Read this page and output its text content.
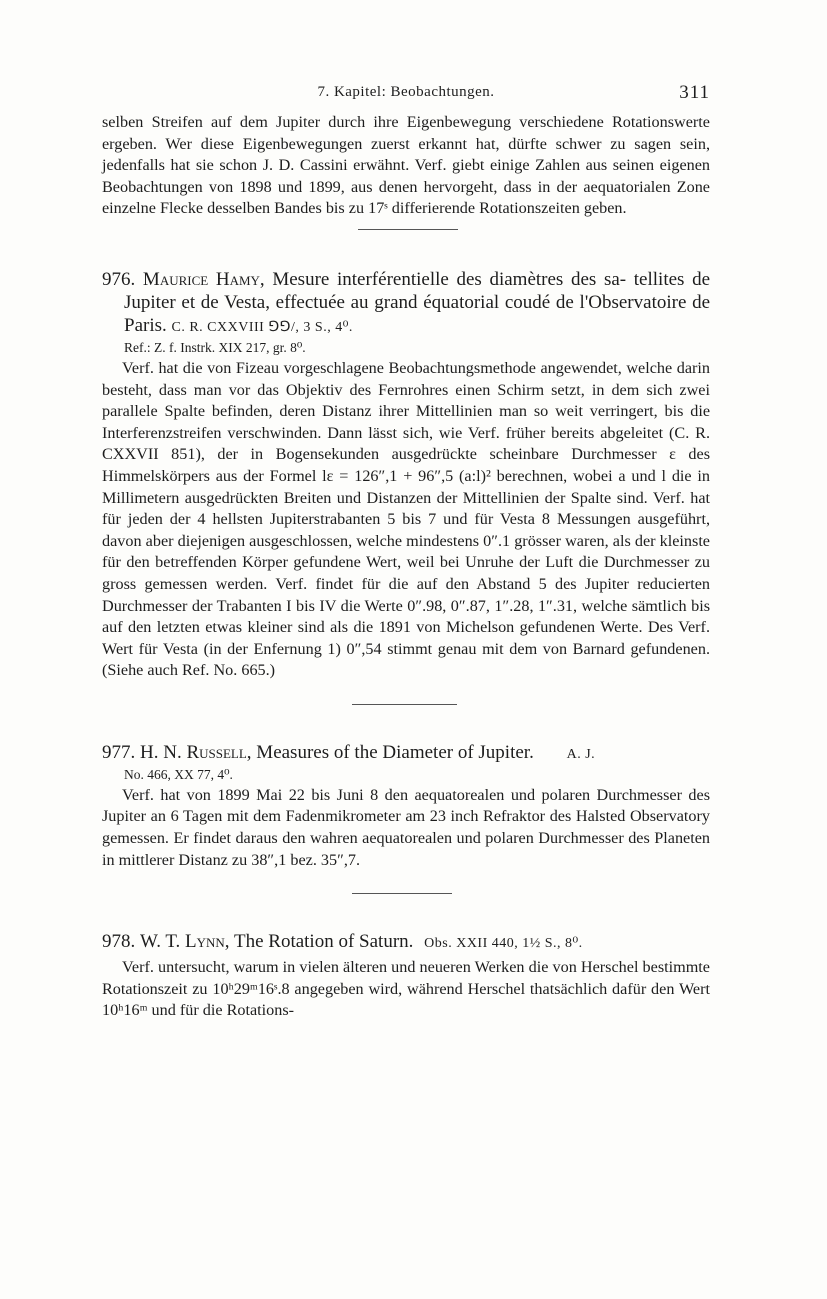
7. Kapitel: Beobachtungen.	311

selben Streifen auf dem Jupiter durch ihre Eigenbewegung verschiedene Rotationswerte ergeben. Wer diese Eigenbewegungen zuerst erkannt hat, dürfte schwer zu sagen sein, jedenfalls hat sie schon J. D. Cassini erwähnt. Verf. giebt einige Zahlen aus seinen eigenen Beobachtungen von 1898 und 1899, aus denen hervorgeht, dass in der aequatorialen Zone einzelne Flecke desselben Bandes bis zu 17ˢ differierende Rotationszeiten geben.

976. Maurice Hamy, Mesure interférentielle des diamètres des sa- tellites de Jupiter et de Vesta, effectuée au grand équatorial coudé de l'Observatoire de Paris. C. R. CXXVIII ⅁⅁/, 3 S., 4⁰.

Ref.: Z. f. Instrk. XIX 217, gr. 8⁰.

Verf. hat die von Fizeau vorgeschlagene Beobachtungsmethode angewendet, welche darin besteht, dass man vor das Objektiv des Fernrohres einen Schirm setzt, in dem sich zwei parallele Spalte befinden, deren Distanz ihrer Mittellinien man so weit verringert, bis die Interferenzstreifen verschwinden. Dann lässt sich, wie Verf. früher bereits abgeleitet (C. R. CXXVII 851), der in Bogensekunden ausgedrückte scheinbare Durchmesser ε des Himmelskörpers aus der Formel lε = 126″,1 + 96″,5 (a:l)² berechnen, wobei a und l die in Millimetern ausgedrückten Breiten und Distanzen der Mittellinien der Spalte sind. Verf. hat für jeden der 4 hellsten Jupiterstrabanten 5 bis 7 und für Vesta 8 Messungen ausgeführt, davon aber diejenigen ausgeschlossen, welche mindestens 0″.1 grösser waren, als der kleinste für den betreffenden Körper gefundene Wert, weil bei Unruhe der Luft die Durchmesser zu gross gemessen werden. Verf. findet für die auf den Abstand 5 des Jupiter reducierten Durchmesser der Trabanten I bis IV die Werte 0″.98, 0″.87, 1″.28, 1″.31, welche sämtlich bis auf den letzten etwas kleiner sind als die 1891 von Michelson gefundenen Werte. Des Verf. Wert für Vesta (in der Enfernung 1) 0″,54 stimmt genau mit dem von Barnard gefundenen. (Siehe auch Ref. No. 665.)

977. H. N. Russell, Measures of the Diameter of Jupiter. A. J.

No. 466, XX 77, 4⁰.

Verf. hat von 1899 Mai 22 bis Juni 8 den aequatorealen und polaren Durchmesser des Jupiter an 6 Tagen mit dem Fadenmikrometer am 23 inch Refraktor des Halsted Observatory gemessen. Er findet daraus den wahren aequatorealen und polaren Durchmesser des Planeten in mittlerer Distanz zu 38″,1 bez. 35″,7.

978. W. T. Lynn, The Rotation of Saturn. Obs. XXII 440, 1½ S., 8⁰.

Verf. untersucht, warum in vielen älteren und neueren Werken die von Herschel bestimmte Rotationszeit zu 10ʰ29ᵐ16ˢ.8 angegeben wird, während Herschel thatsächlich dafür den Wert 10ʰ16ᵐ und für die Rotations-
